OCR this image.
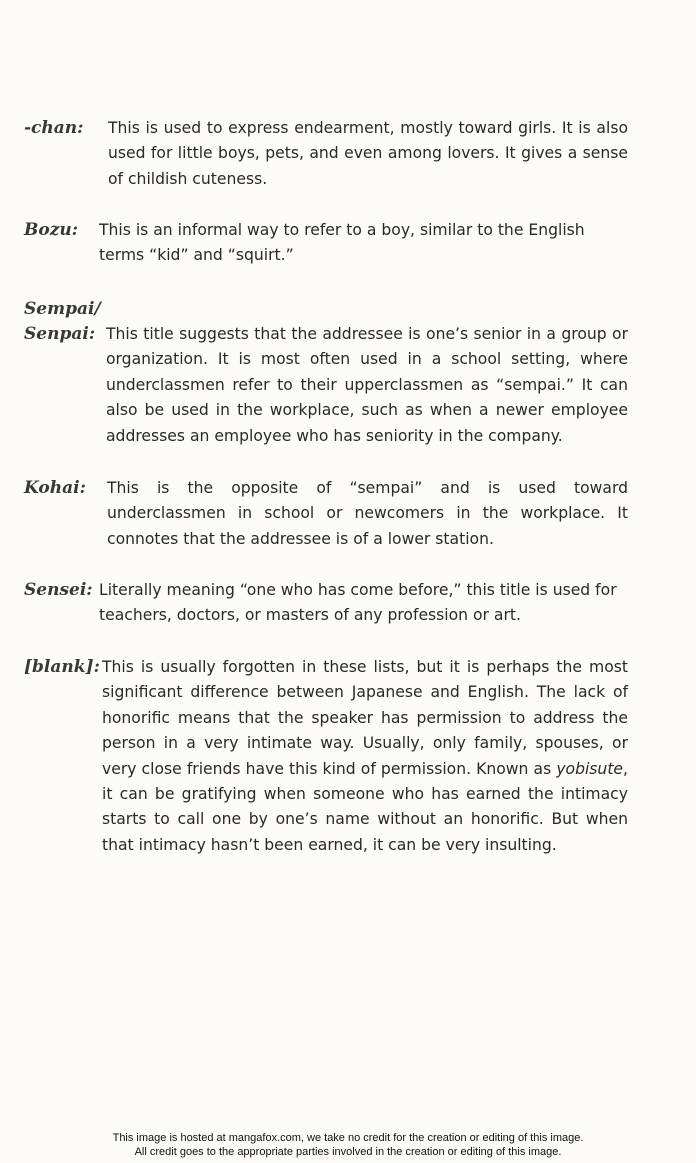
-chan: This is used to express endearment, mostly toward girls. It is also used for little boys, pets, and even among lovers. It gives a sense of childish cuteness.
Bozu: This is an informal way to refer to a boy, similar to the English terms “kid” and “squirt.”
Sempai/
Senpai: This title suggests that the addressee is one’s senior in a group or organization. It is most often used in a school setting, where underclassmen refer to their upperclassmen as “sempai.” It can also be used in the workplace, such as when a newer employee addresses an employee who has seniority in the company.
Kohai: This is the opposite of “sempai” and is used toward underclassmen in school or newcomers in the workplace. It connotes that the addressee is of a lower station.
Sensei: Literally meaning “one who has come before,” this title is used for teachers, doctors, or masters of any profession or art.
[blank]: This is usually forgotten in these lists, but it is perhaps the most significant difference between Japanese and English. The lack of honorific means that the speaker has permission to address the person in a very intimate way. Usually, only family, spouses, or very close friends have this kind of permission. Known as yobisute, it can be gratifying when someone who has earned the intimacy starts to call one by one’s name without an honorific. But when that intimacy hasn’t been earned, it can be very insulting.
This image is hosted at mangafox.com, we take no credit for the creation or editing of this image.
All credit goes to the appropriate parties involved in the creation or editing of this image.
